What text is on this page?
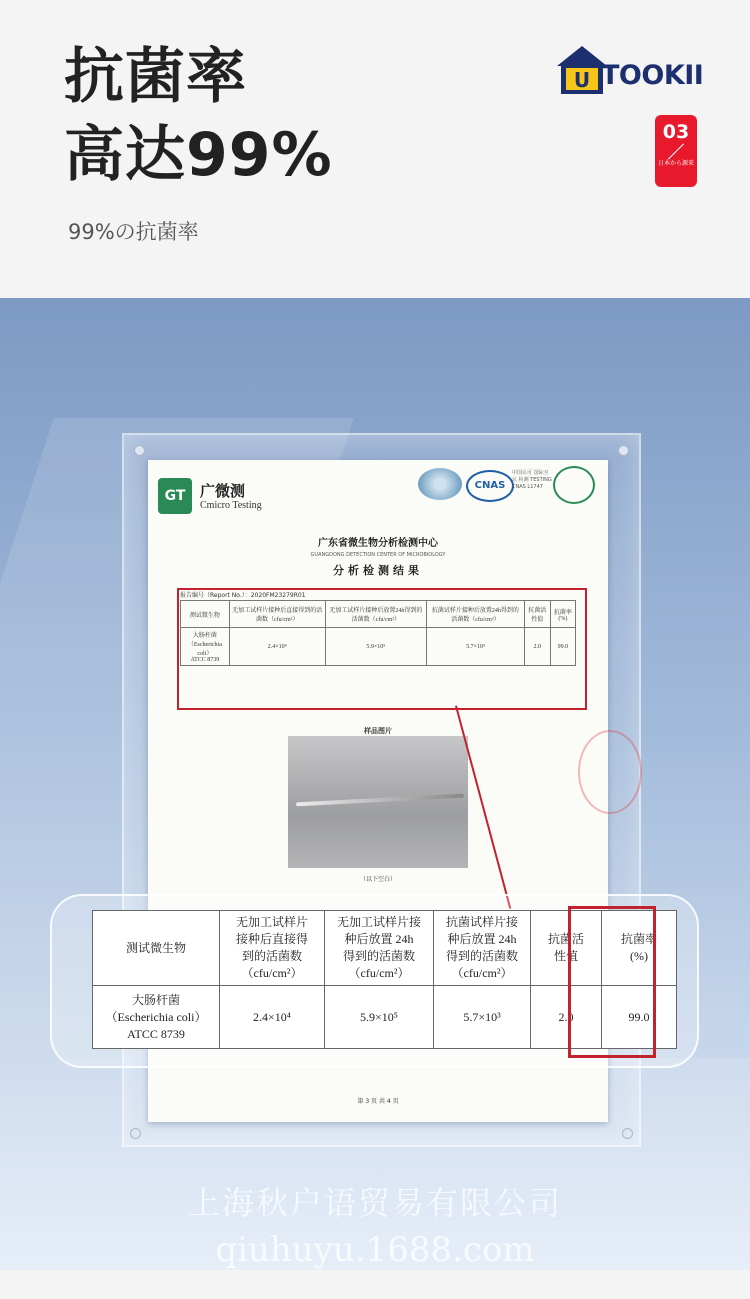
抗菌率
高达99%
99%の抗菌率
U TOOKII
03
日本から源来
GT 广微测
Cmicro Testing
CNAS
中国认可 国际互认 检测 TESTING CNAS L1747
广东省微生物分析检测中心
GUANGDONG DETECTION CENTER OF MICROBIOLOGY
分析检测结果
报告编号（Report No.）：2020FM23279R01
测试微生物	无加工试样片接种后直接得到的活菌数（cfu/cm²）	无加工试样片接种后放置24h得到的活菌数（cfu/cm²）	抗菌试样片接种后放置24h得到的活菌数（cfu/cm²）	抗菌活性值	抗菌率(%)
大肠杆菌
（Escherichia coli）
ATCC 8739	2.4×10⁴	5.9×10⁵	5.7×10³	2.0	99.0
样品图片
（以下空白）
第 3 页 共 4 页
测试微生物	无加工试样片
接种后直接得
到的活菌数
（cfu/cm²）	无加工试样片接
种后放置 24h
得到的活菌数
（cfu/cm²）	抗菌试样片接
种后放置 24h
得到的活菌数
（cfu/cm²）	抗菌活
性值	抗菌率
(%)
大肠杆菌
（Escherichia coli）
ATCC 8739	2.4×10⁴	5.9×10⁵	5.7×10³	2.0	99.0
上海秋户语贸易有限公司
qiuhuyu.1688.com
